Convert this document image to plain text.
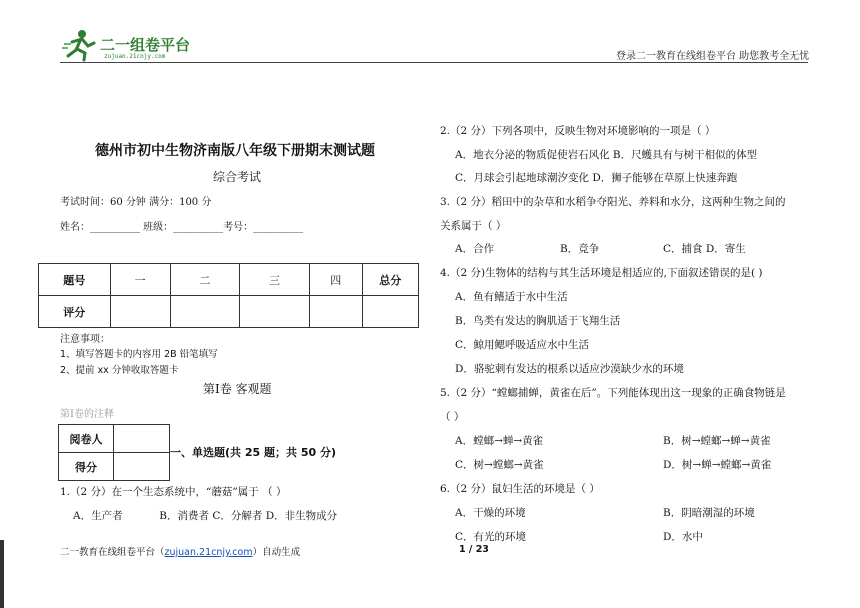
二一组卷平台
zujuan.21cnjy.com	登录二一教育在线组卷平台 助您教考全无忧
德州市初中生物济南版八年级下册期末测试题
综合考试
考试时间：60 分钟 满分：100 分
姓名：__________ 班级：__________考号：__________
题号	一	二	三	四	总分
评分					
注意事项：
1、填写答题卡的内容用 2B 铅笔填写
2、提前 xx 分钟收取答题卡
第Ⅰ卷 客观题
第Ⅰ卷的注释
阅卷人	
得分	
一、单选题(共 25 题；共 50 分)
1.（2 分）在一个生态系统中，“蘑菇”属于 （ ）
A．生产者           B．消费者 C．分解者 D．非生物成分
2.（2 分）下列各项中，反映生物对环境影响的一项是（ ）
A．地衣分泌的物质促使岩石风化 B．尺蠖具有与树干相似的体型
C．月球会引起地球潮汐变化 D．狮子能够在草原上快速奔跑
3.（2 分）稻田中的杂草和水稻争夺阳光、养料和水分，这两种生物之间的
关系属于（ ）
A．合作	B．竞争	C．捕食 D．寄生
4.（2 分)生物体的结构与其生活环境是相适应的,下面叙述错误的是( )
A．鱼有鳍适于水中生活
B．鸟类有发达的胸肌适于飞翔生活
C．鲸用鳃呼吸适应水中生活
D．骆驼刺有发达的根系以适应沙漠缺少水的环境
5.（2 分）“螳螂捕蝉，黄雀在后”。下列能体现出这一现象的正确食物链是
（ ）
A．螳螂→蝉→黄雀	B．树→螳螂→蝉→黄雀
C．树→螳螂→黄雀	D．树→蝉→螳螂→黄雀
6.（2 分）鼠妇生活的环境是（ ）
A．干燥的环境	B．阴暗潮湿的环境
C．有光的环境	D．水中
二一教育在线组卷平台（zujuan.21cnjy.com）自动生成	1 / 23
